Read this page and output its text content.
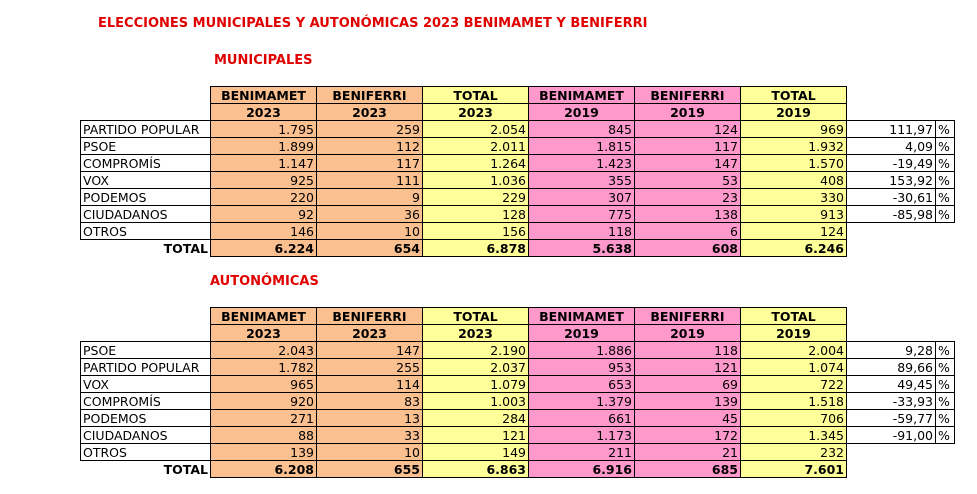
ELECCIONES MUNICIPALES Y AUTONÓMICAS 2023 BENIMAMET Y BENIFERRI
MUNICIPALES
	BENIMAMET	BENIFERRI	TOTAL	BENIMAMET	BENIFERRI	TOTAL		
	2023	2023	2023	2019	2019	2019		
PARTIDO POPULAR	1.795	259	2.054	845	124	969	111,97	%
PSOE	1.899	112	2.011	1.815	117	1.932	4,09	%
COMPROMÍS	1.147	117	1.264	1.423	147	1.570	-19,49	%
VOX	925	111	1.036	355	53	408	153,92	%
PODEMOS	220	9	229	307	23	330	-30,61	%
CIUDADANOS	92	36	128	775	138	913	-85,98	%
OTROS	146	10	156	118	6	124		
TOTAL	6.224	654	6.878	5.638	608	6.246		
AUTONÓMICAS
	BENIMAMET	BENIFERRI	TOTAL	BENIMAMET	BENIFERRI	TOTAL		
	2023	2023	2023	2019	2019	2019		
PSOE	2.043	147	2.190	1.886	118	2.004	9,28	%
PARTIDO POPULAR	1.782	255	2.037	953	121	1.074	89,66	%
VOX	965	114	1.079	653	69	722	49,45	%
COMPROMÍS	920	83	1.003	1.379	139	1.518	-33,93	%
PODEMOS	271	13	284	661	45	706	-59,77	%
CIUDADANOS	88	33	121	1.173	172	1.345	-91,00	%
OTROS	139	10	149	211	21	232		
TOTAL	6.208	655	6.863	6.916	685	7.601		
